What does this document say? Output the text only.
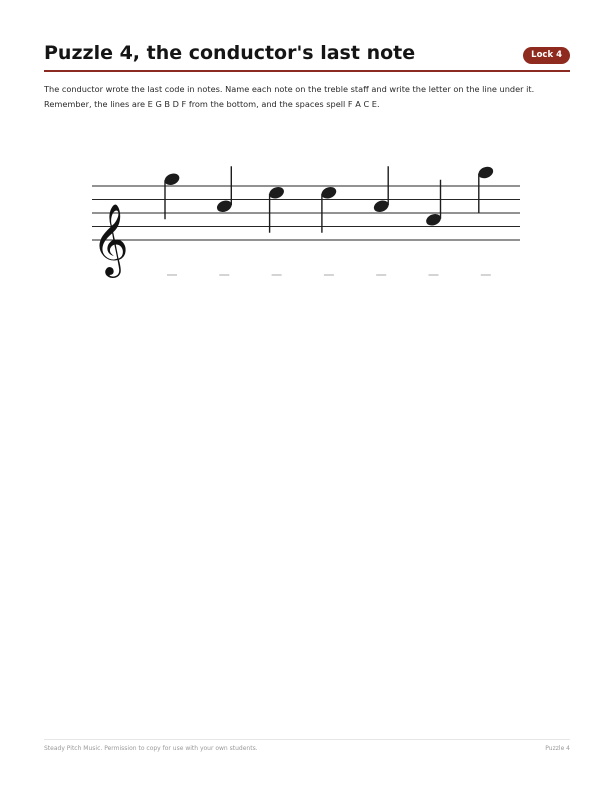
Puzzle 4, the conductor's last note	Lock 4

The conductor wrote the last code in notes. Name each note on the treble staff and write the letter on the line under it. Remember, the lines are E G B D F from the bottom, and the spaces spell F A C E.

𝄞
Steady Pitch Music. Permission to copy for use with your own students.	Puzzle 4
